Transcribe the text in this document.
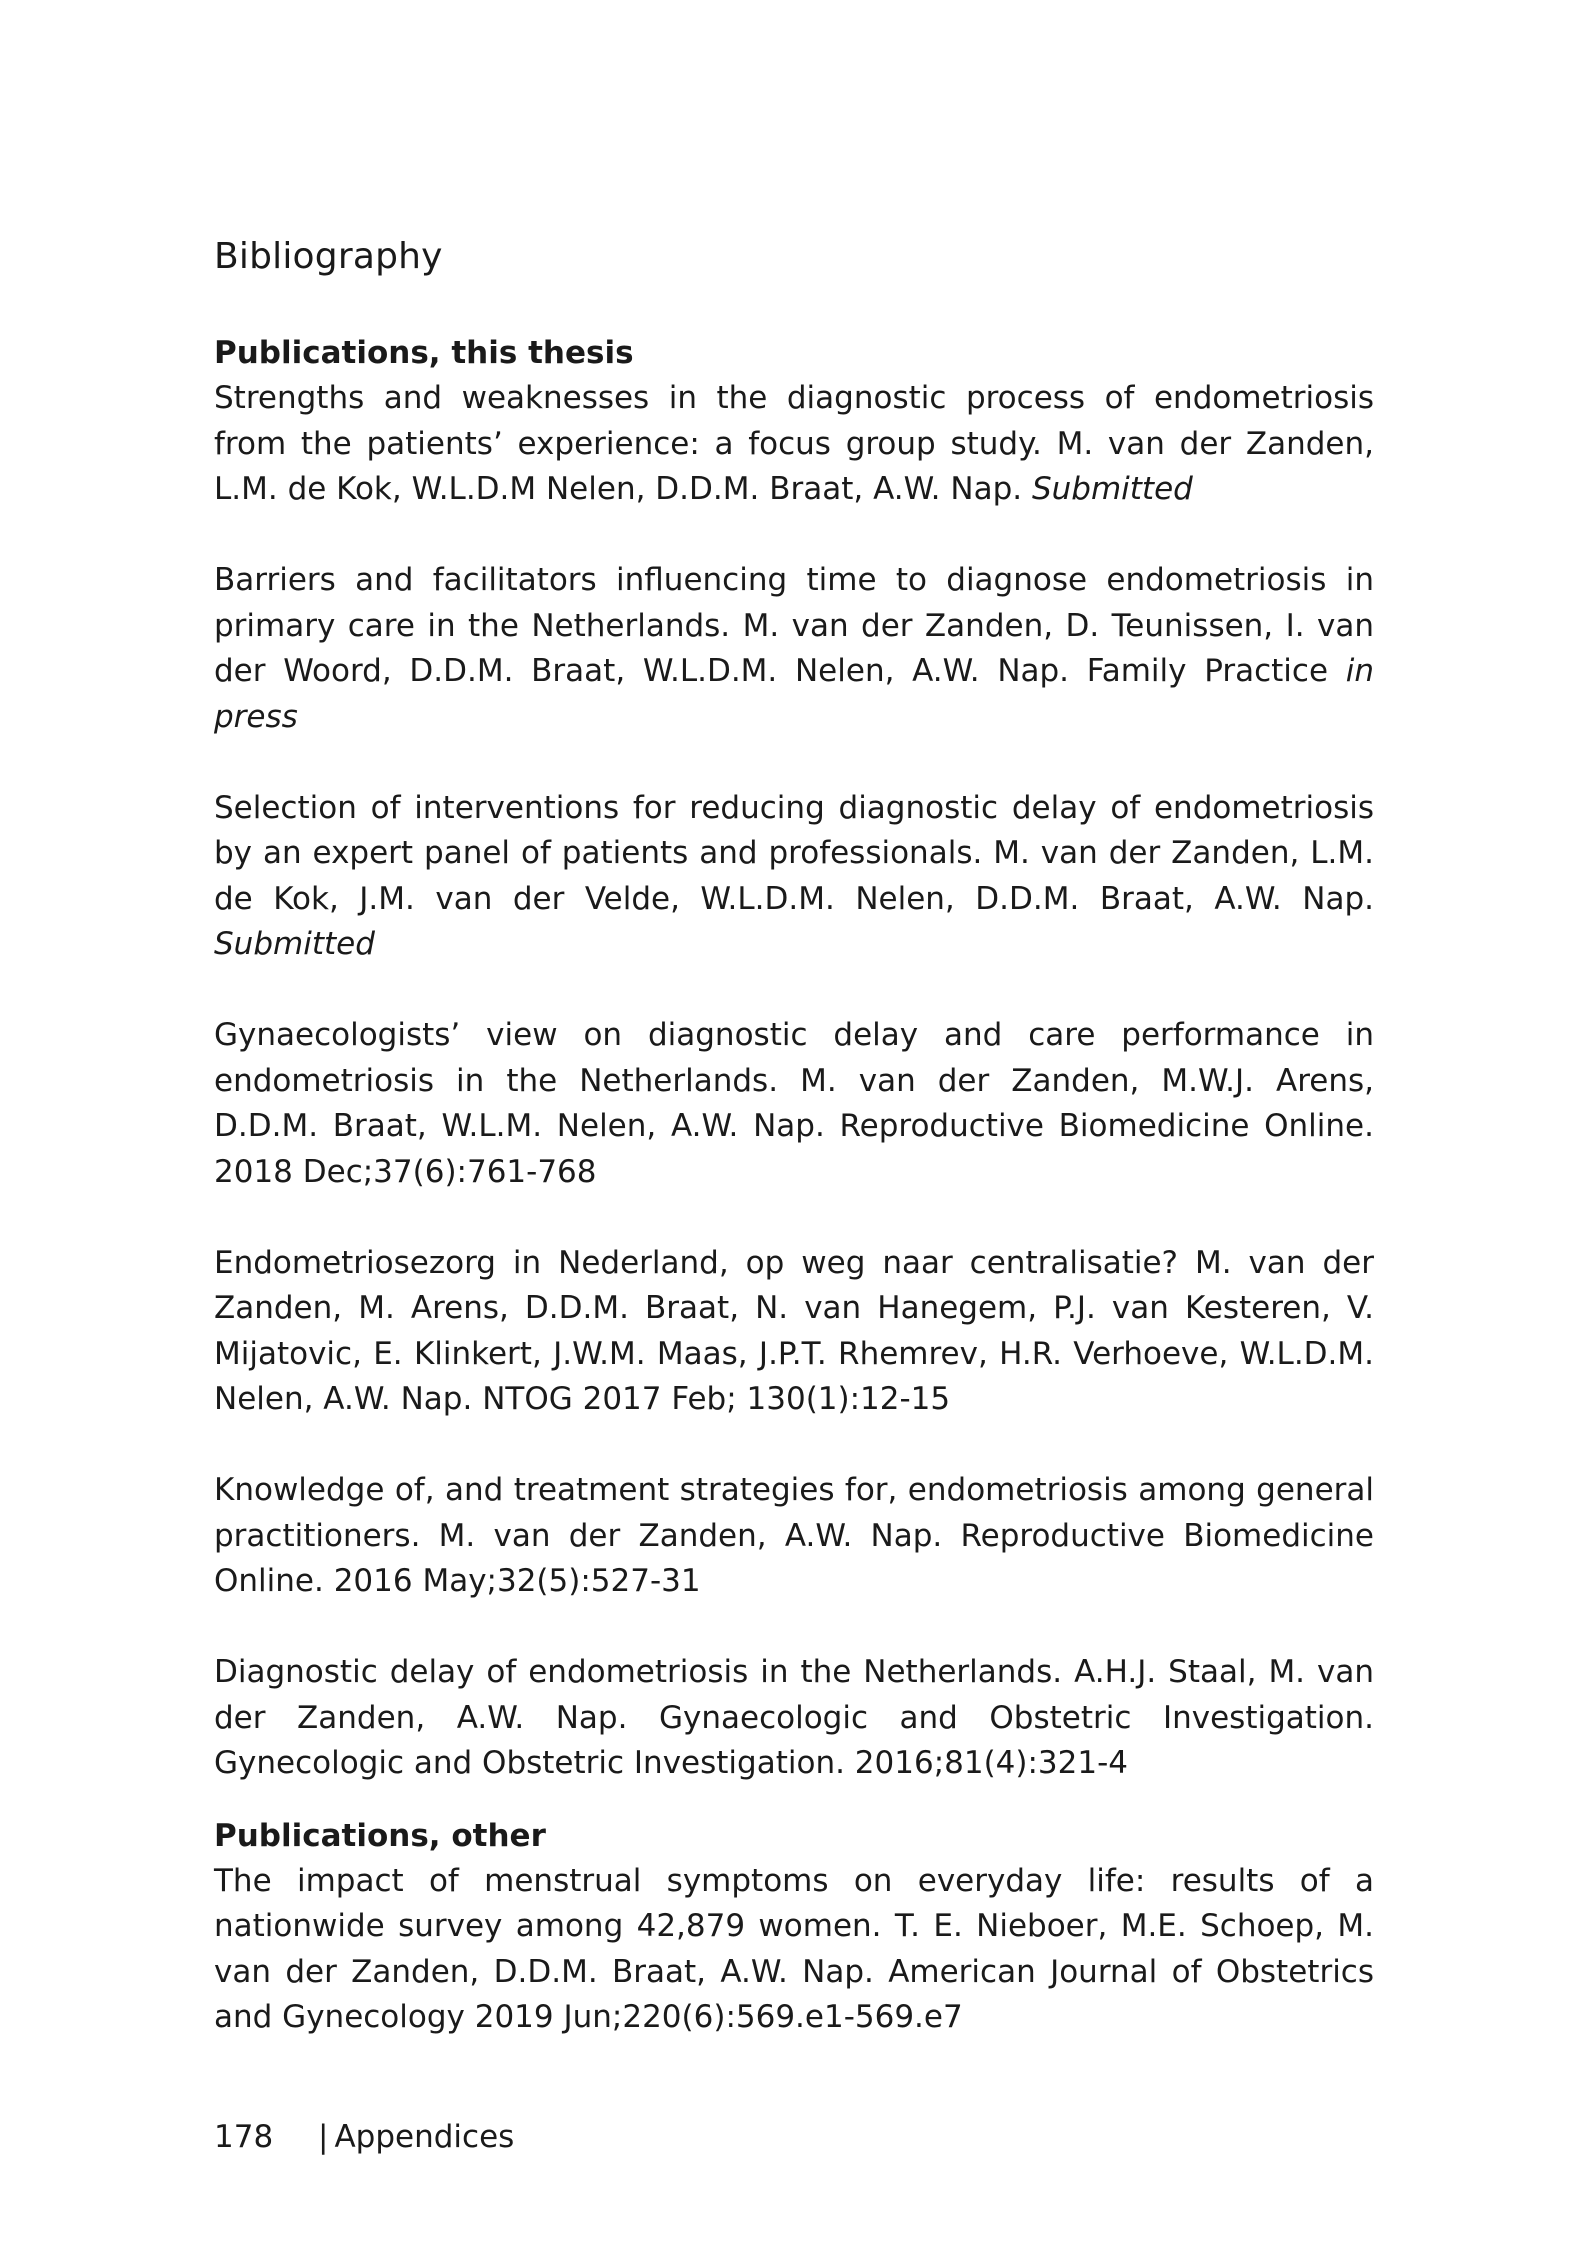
Bibliography
Publications, this thesis

Strengths and weaknesses in the diagnostic process of endometriosis from the patients’ experience: a focus group study. M. van der Zanden, L.M. de Kok, W.L.D.M Nelen, D.D.M. Braat, A.W. Nap. Submitted

Barriers and facilitators influencing time to diagnose endometriosis in primary care in the Netherlands. M. van der Zanden, D. Teunissen, I. van der Woord, D.D.M. Braat, W.L.D.M. Nelen, A.W. Nap. Family Practice in press

Selection of interventions for reducing diagnostic delay of endometriosis by an expert panel of patients and professionals. M. van der Zanden, L.M. de Kok, J.M. van der Velde, W.L.D.M. Nelen, D.D.M. Braat, A.W. Nap. Submitted

Gynaecologists’ view on diagnostic delay and care performance in endometriosis in the Netherlands. M. van der Zanden, M.W.J. Arens, D.D.M. Braat, W.L.M. Nelen, A.W. Nap. Reproductive Biomedicine Online. 2018 Dec;37(6):761-768

Endometriosezorg in Nederland, op weg naar centralisatie? M. van der Zanden, M. Arens, D.D.M. Braat, N. van Hanegem, P.J. van Kesteren, V. Mijatovic, E. Klinkert, J.W.M. Maas, J.P.T. Rhemrev, H.R. Verhoeve, W.L.D.M. Nelen, A.W. Nap. NTOG 2017 Feb; 130(1):12-15

Knowledge of, and treatment strategies for, endometriosis among general practitioners. M. van der Zanden, A.W. Nap. Reproductive Biomedicine Online. 2016 May;32(5):527-31

Diagnostic delay of endometriosis in the Netherlands. A.H.J. Staal, M. van der Zanden, A.W. Nap. Gynaecologic and Obstetric Investigation. Gynecologic and Obstetric Investigation. 2016;81(4):321-4

Publications, other

The impact of menstrual symptoms on everyday life: results of a nationwide survey among 42,879 women. T. E. Nieboer, M.E. Schoep, M. van der Zanden, D.D.M. Braat, A.W. Nap. American Journal of Obstetrics and Gynecology 2019 Jun;220(6):569.e1-569.e7

178 | Appendices
